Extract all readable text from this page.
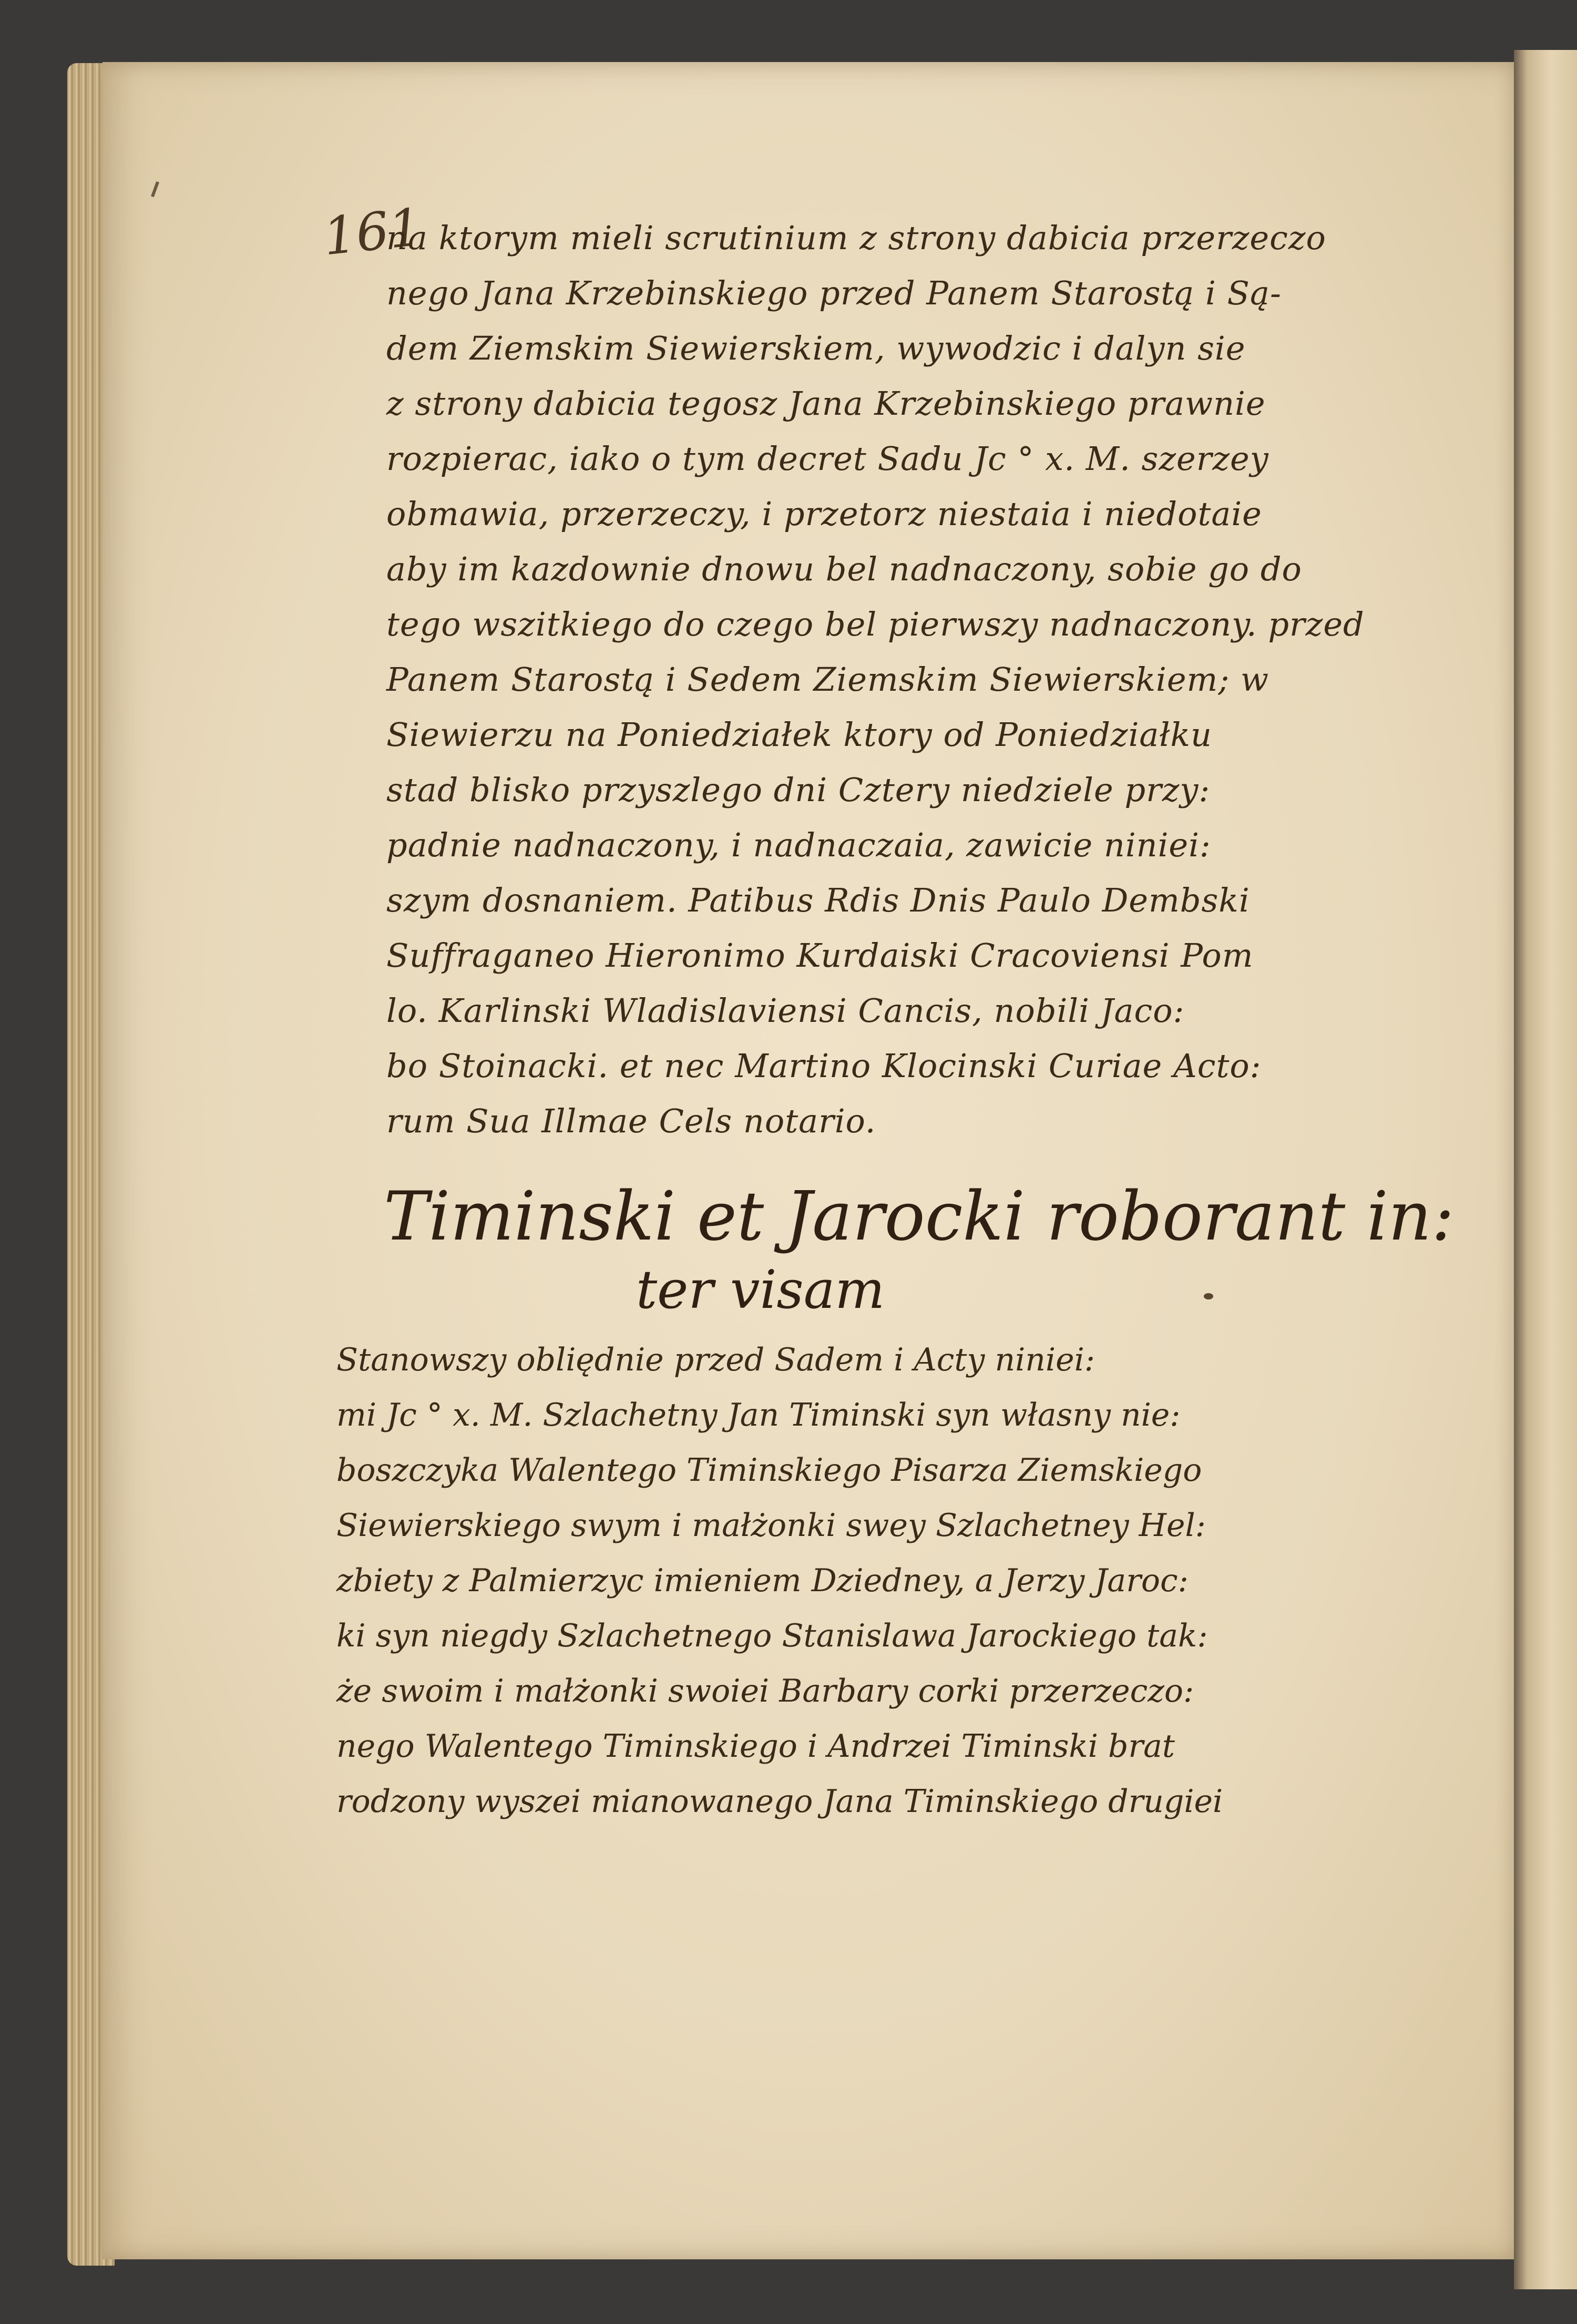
161
na ktorym mieli scrutinium z strony dabicia przerzeczo
nego Jana Krzebinskiego przed Panem Starostą i Są-
dem Ziemskim Siewierskiem, wywodzic i dalyn sie
z strony dabicia tegosz Jana Krzebinskiego prawnie
rozpierac, iako o tym decret Sadu Jc ° x. M. szerzey
obmawia, przerzeczy, i przetorz niestaia i niedotaie
aby im kazdownie dnowu bel nadnaczony, sobie go do
tego wszitkiego do czego bel pierwszy nadnaczony. przed
Panem Starostą i Sedem Ziemskim Siewierskiem; w
Siewierzu na Poniedziałek ktory od Poniedziałku
stad blisko przyszlego dni Cztery niedziele przy:
padnie nadnaczony, i nadnaczaia, zawicie niniei:
szym dosnaniem. Patibus Rdis Dnis Paulo Dembski
Suffraganeo Hieronimo Kurdaiski Cracoviensi Pom
lo. Karlinski Wladislaviensi Cancis, nobili Jaco:
bo Stoinacki. et nec Martino Klocinski Curiae Acto:
rum Sua Illmae Cels notario.
Timinski et Jarocki roborant in:
ter visam
Stanowszy obliędnie przed Sadem i Acty niniei:
mi Jc ° x. M. Szlachetny Jan Timinski syn własny nie:
boszczyka Walentego Timinskiego Pisarza Ziemskiego
Siewierskiego swym i małżonki swey Szlachetney Hel:
zbiety z Palmierzyc imieniem Dziedney, a Jerzy Jaroc:
ki syn niegdy Szlachetnego Stanislawa Jarockiego tak:
że swoim i małżonki swoiei Barbary corki przerzeczo:
nego Walentego Timinskiego i Andrzei Timinski brat
rodzony wyszei mianowanego Jana Timinskiego drugiei
